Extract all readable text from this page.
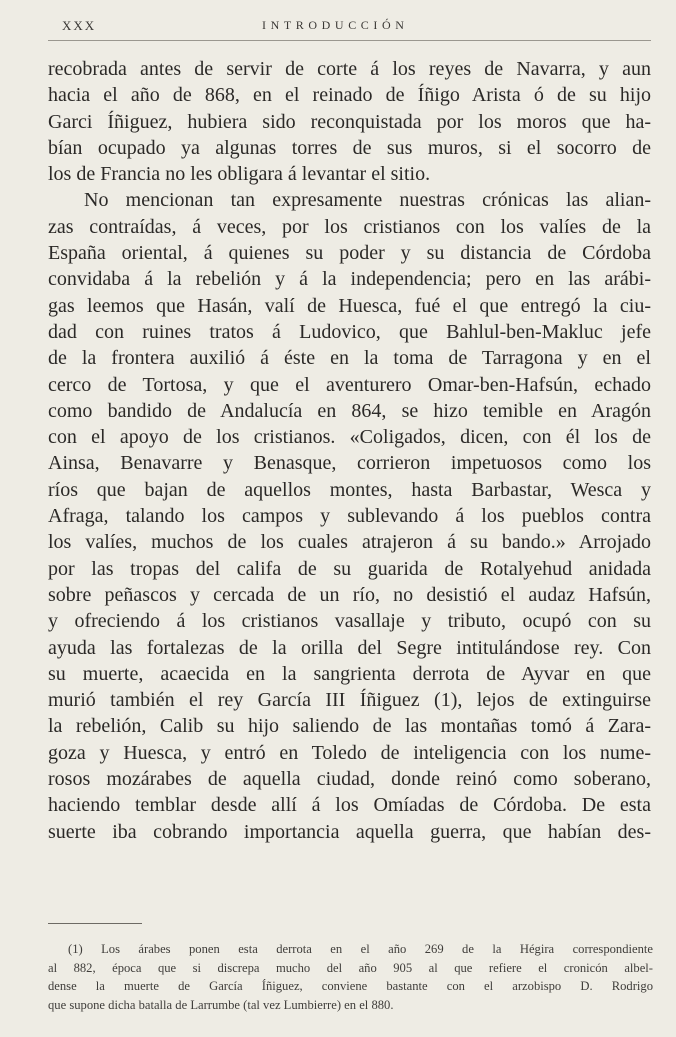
XXX	INTRODUCCIÓN
recobrada antes de servir de corte á los reyes de Navarra, y aun
hacia el año de 868, en el reinado de Íñigo Arista ó de su hijo
Garci Íñiguez, hubiera sido reconquistada por los moros que ha-
bían ocupado ya algunas torres de sus muros, si el socorro de
los de Francia no les obligara á levantar el sitio.
No mencionan tan expresamente nuestras crónicas las alian-
zas contraídas, á veces, por los cristianos con los valíes de la
España oriental, á quienes su poder y su distancia de Córdoba
convidaba á la rebelión y á la independencia; pero en las arábi-
gas leemos que Hasán, valí de Huesca, fué el que entregó la ciu-
dad con ruines tratos á Ludovico, que Bahlul-ben-Makluc jefe
de la frontera auxilió á éste en la toma de Tarragona y en el
cerco de Tortosa, y que el aventurero Omar-ben-Hafsún, echado
como bandido de Andalucía en 864, se hizo temible en Aragón
con el apoyo de los cristianos. «Coligados, dicen, con él los de
Ainsa, Benavarre y Benasque, corrieron impetuosos como los
ríos que bajan de aquellos montes, hasta Barbastar, Wesca y
Afraga, talando los campos y sublevando á los pueblos contra
los valíes, muchos de los cuales atrajeron á su bando.» Arrojado
por las tropas del califa de su guarida de Rotalyehud anidada
sobre peñascos y cercada de un río, no desistió el audaz Hafsún,
y ofreciendo á los cristianos vasallaje y tributo, ocupó con su
ayuda las fortalezas de la orilla del Segre intitulándose rey. Con
su muerte, acaecida en la sangrienta derrota de Ayvar en que
murió también el rey García III Íñiguez (1), lejos de extinguirse
la rebelión, Calib su hijo saliendo de las montañas tomó á Zara-
goza y Huesca, y entró en Toledo de inteligencia con los nume-
rosos mozárabes de aquella ciudad, donde reinó como soberano,
haciendo temblar desde allí á los Omíadas de Córdoba. De esta
suerte iba cobrando importancia aquella guerra, que habían des-
(1) Los árabes ponen esta derrota en el año 269 de la Hégira correspondiente
al 882, época que si discrepa mucho del año 905 al que refiere el cronicón albel-
dense la muerte de García Íñiguez, conviene bastante con el arzobispo D. Rodrigo
que supone dicha batalla de Larrumbe (tal vez Lumbierre) en el 880.
